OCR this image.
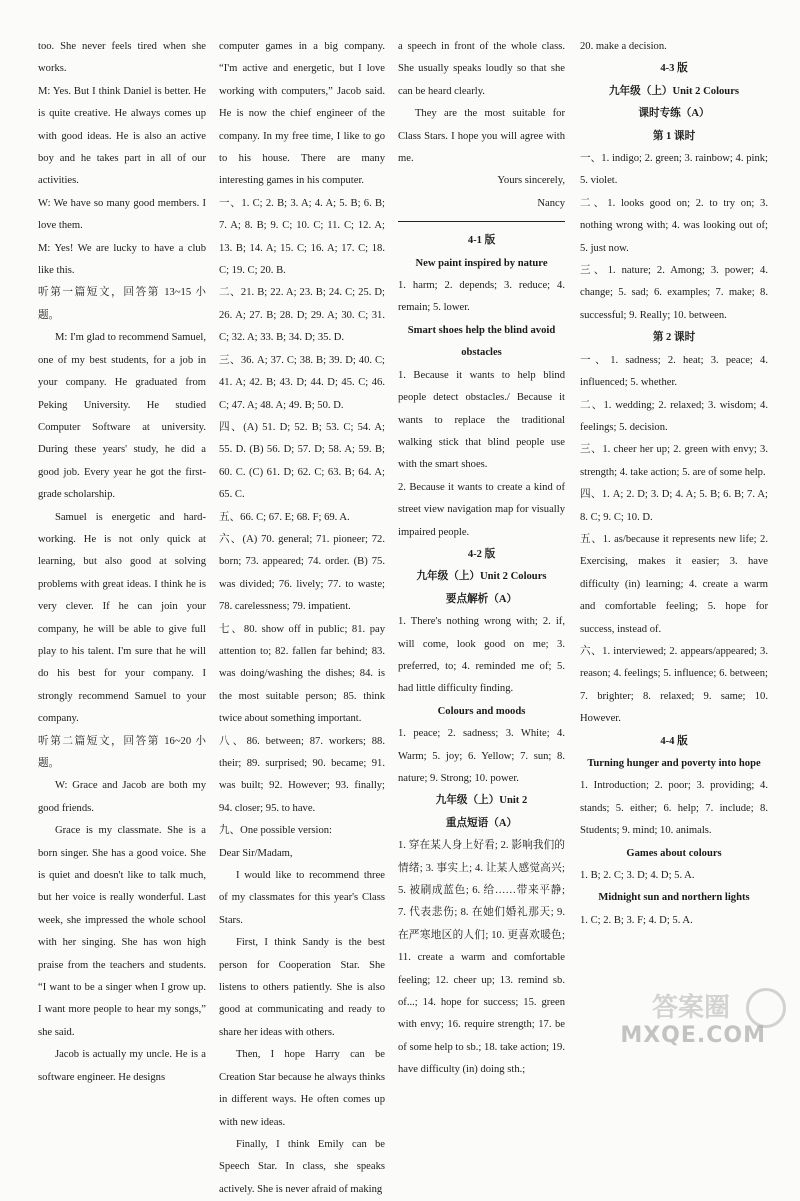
too. She never feels tired when she works.

M: Yes. But I think Daniel is better. He is quite creative. He always comes up with good ideas. He is also an active boy and he takes part in all of our activities.

W: We have so many good members. I love them.

M: Yes! We are lucky to have a club like this.

听第一篇短文，回答第 13~15 小题。

M: I'm glad to recommend Samuel, one of my best students, for a job in your company. He graduated from Peking University. He studied Computer Software at university. During these years' study, he did a good job. Every year he got the first-grade scholarship.

Samuel is energetic and hard-working. He is not only quick at learning, but also good at solving problems with great ideas. I think he is very clever. If he can join your company, he will be able to give full play to his talent. I'm sure that he will do his best for your company. I strongly recommend Samuel to your company.

听第二篇短文，回答第 16~20 小题。

W: Grace and Jacob are both my good friends.

Grace is my classmate. She is a born singer. She has a good voice. She is quiet and doesn't like to talk much, but her voice is really wonderful. Last week, she impressed the whole school with her singing. She has won high praise from the teachers and students. “I want to be a singer when I grow up. I want more people to hear my songs,” she said.

Jacob is actually my uncle. He is a software engineer. He designs

computer games in a big company. “I'm active and energetic, but I love working with computers,” Jacob said. He is now the chief engineer of the company. In my free time, I like to go to his house. There are many interesting games in his computer.

一、1. C; 2. B; 3. A; 4. A; 5. B; 6. B; 7. A; 8. B; 9. C; 10. C; 11. C; 12. A; 13. B; 14. A; 15. C; 16. A; 17. C; 18. C; 19. C; 20. B.

二、21. B; 22. A; 23. B; 24. C; 25. D; 26. A; 27. B; 28. D; 29. A; 30. C; 31. C; 32. A; 33. B; 34. D; 35. D.

三、36. A; 37. C; 38. B; 39. D; 40. C; 41. A; 42. B; 43. D; 44. D; 45. C; 46. C; 47. A; 48. A; 49. B; 50. D.

四、(A) 51. D; 52. B; 53. C; 54. A; 55. D. (B) 56. D; 57. D; 58. A; 59. B; 60. C. (C) 61. D; 62. C; 63. B; 64. A; 65. C.

五、66. C; 67. E; 68. F; 69. A.

六、(A) 70. general; 71. pioneer; 72. born; 73. appeared; 74. order. (B) 75. was divided; 76. lively; 77. to waste; 78. carelessness; 79. impatient.

七、80. show off in public; 81. pay attention to; 82. fallen far behind; 83. was doing/washing the dishes; 84. is the most suitable person; 85. think twice about something important.

八、86. between; 87. workers; 88. their; 89. surprised; 90. became; 91. was built; 92. However; 93. finally; 94. closer; 95. to have.

九、One possible version:

Dear Sir/Madam,

I would like to recommend three of my classmates for this year's Class Stars.

First, I think Sandy is the best person for Cooperation Star. She listens to others patiently. She is also good at communicating and ready to share her ideas with others.

Then, I hope Harry can be Creation Star because he always thinks in different ways. He often comes up with new ideas.

Finally, I think Emily can be Speech Star. In class, she speaks actively. She is never afraid of making

a speech in front of the whole class. She usually speaks loudly so that she can be heard clearly.

They are the most suitable for Class Stars. I hope you will agree with me.

Yours sincerely,

Nancy

4-1 版

New paint inspired by nature

1. harm; 2. depends; 3. reduce; 4. remain; 5. lower.

Smart shoes help the blind avoid obstacles

1. Because it wants to help blind people detect obstacles./ Because it wants to replace the traditional walking stick that blind people use with the smart shoes.

2. Because it wants to create a kind of street view navigation map for visually impaired people.

4-2 版

九年级（上）Unit 2 Colours

要点解析（A）

1. There's nothing wrong with; 2. if, will come, look good on me; 3. preferred, to; 4. reminded me of; 5. had little difficulty finding.

Colours and moods

1. peace; 2. sadness; 3. White; 4. Warm; 5. joy; 6. Yellow; 7. sun; 8. nature; 9. Strong; 10. power.

九年级（上）Unit 2

重点短语（A）

1. 穿在某人身上好看; 2. 影响我们的情绪; 3. 事实上; 4. 让某人感觉高兴; 5. 被刷成蓝色; 6. 给……带来平静; 7. 代表悲伤; 8. 在她们婚礼那天; 9. 在严寒地区的人们; 10. 更喜欢暖色; 11. create a warm and comfortable feeling; 12. cheer up; 13. remind sb. of...; 14. hope for success; 15. green with envy; 16. require strength; 17. be of some help to sb.; 18. take action; 19. have difficulty (in) doing sth.;

20. make a decision.

4-3 版

九年级（上）Unit 2 Colours

课时专练（A）

第 1 课时

一、1. indigo; 2. green; 3. rainbow; 4. pink; 5. violet.

二、1. looks good on; 2. to try on; 3. nothing wrong with; 4. was looking out of; 5. just now.

三、1. nature; 2. Among; 3. power; 4. change; 5. sad; 6. examples; 7. make; 8. successful; 9. Really; 10. between.

第 2 课时

一、1. sadness; 2. heat; 3. peace; 4. influenced; 5. whether.

二、1. wedding; 2. relaxed; 3. wisdom; 4. feelings; 5. decision.

三、1. cheer her up; 2. green with envy; 3. strength; 4. take action; 5. are of some help.

四、1. A; 2. D; 3. D; 4. A; 5. B; 6. B; 7. A; 8. C; 9. C; 10. D.

五、1. as/because it represents new life; 2. Exercising, makes it easier; 3. have difficulty (in) learning; 4. create a warm and comfortable feeling; 5. hope for success, instead of.

六、1. interviewed; 2. appears/appeared; 3. reason; 4. feelings; 5. influence; 6. between; 7. brighter; 8. relaxed; 9. same; 10. However.

4-4 版

Turning hunger and poverty into hope

1. Introduction; 2. poor; 3. providing; 4. stands; 5. either; 6. help; 7. include; 8. Students; 9. mind; 10. animals.

Games about colours

1. B; 2. C; 3. D; 4. D; 5. A.

Midnight sun and northern lights

1. C; 2. B; 3. F; 4. D; 5. A.

答案圈
MXQE.COM
